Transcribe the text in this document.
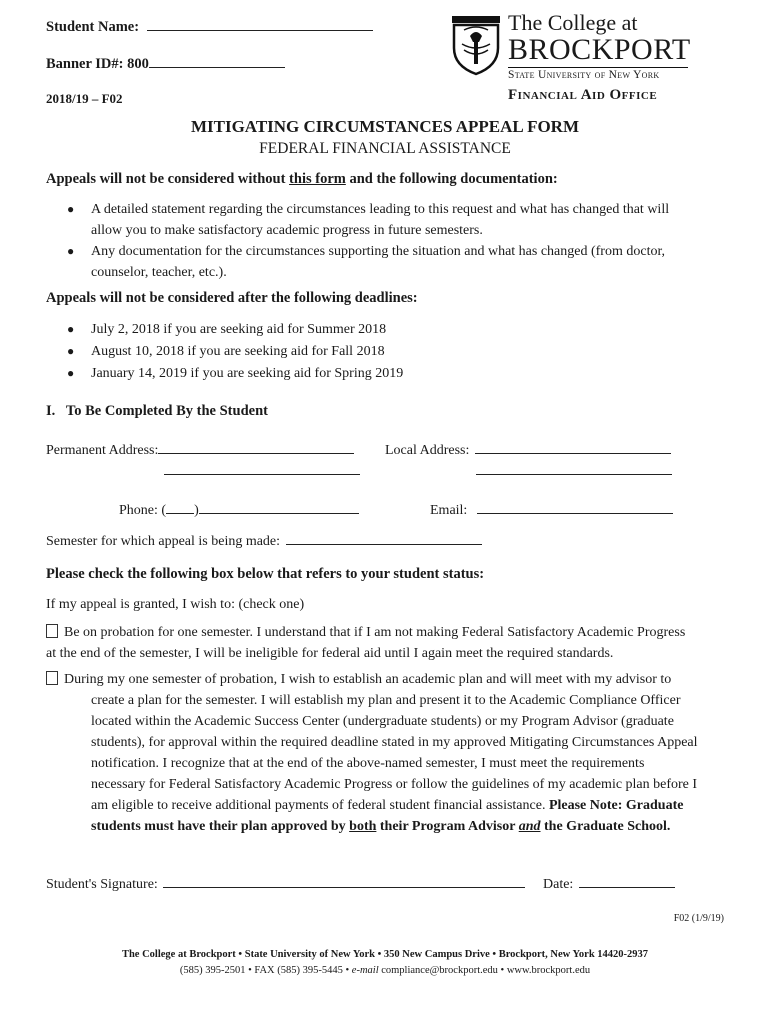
Student Name:
Banner ID#: 800
2018/19 – F02
The College at
BROCKPORT
State University of New York
Financial Aid Office
MITIGATING CIRCUMSTANCES APPEAL FORM
FEDERAL FINANCIAL ASSISTANCE
Appeals will not be considered without this form and the following documentation:
● A detailed statement regarding the circumstances leading to this request and what has changed that will
allow you to make satisfactory academic progress in future semesters.
● Any documentation for the circumstances supporting the situation and what has changed (from doctor,
counselor, teacher, etc.).
Appeals will not be considered after the following deadlines:
● July 2, 2018 if you are seeking aid for Summer 2018
● August 10, 2018 if you are seeking aid for Fall 2018
● January 14, 2019 if you are seeking aid for Spring 2019
I.   To Be Completed By the Student
Permanent Address:	Local Address:
Phone: ( )	Email:
Semester for which appeal is being made:
Please check the following box below that refers to your student status:
If my appeal is granted, I wish to: (check one)
Be on probation for one semester. I understand that if I am not making Federal Satisfactory Academic Progress
at the end of the semester, I will be ineligible for federal aid until I again meet the required standards.
During my one semester of probation, I wish to establish an academic plan and will meet with my advisor to
create a plan for the semester. I will establish my plan and present it to the Academic Compliance Officer
located within the Academic Success Center (undergraduate students) or my Program Advisor (graduate
students), for approval within the required deadline stated in my approved Mitigating Circumstances Appeal
notification. I recognize that at the end of the above-named semester, I must meet the requirements
necessary for Federal Satisfactory Academic Progress or follow the guidelines of my academic plan before I
am eligible to receive additional payments of federal student financial assistance. Please Note: Graduate
students must have their plan approved by both their Program Advisor and the Graduate School.
Student's Signature:	Date:
F02 (1/9/19)
The College at Brockport • State University of New York • 350 New Campus Drive • Brockport, New York 14420-2937
(585) 395-2501 • FAX (585) 395-5445 • e-mail compliance@brockport.edu • www.brockport.edu
